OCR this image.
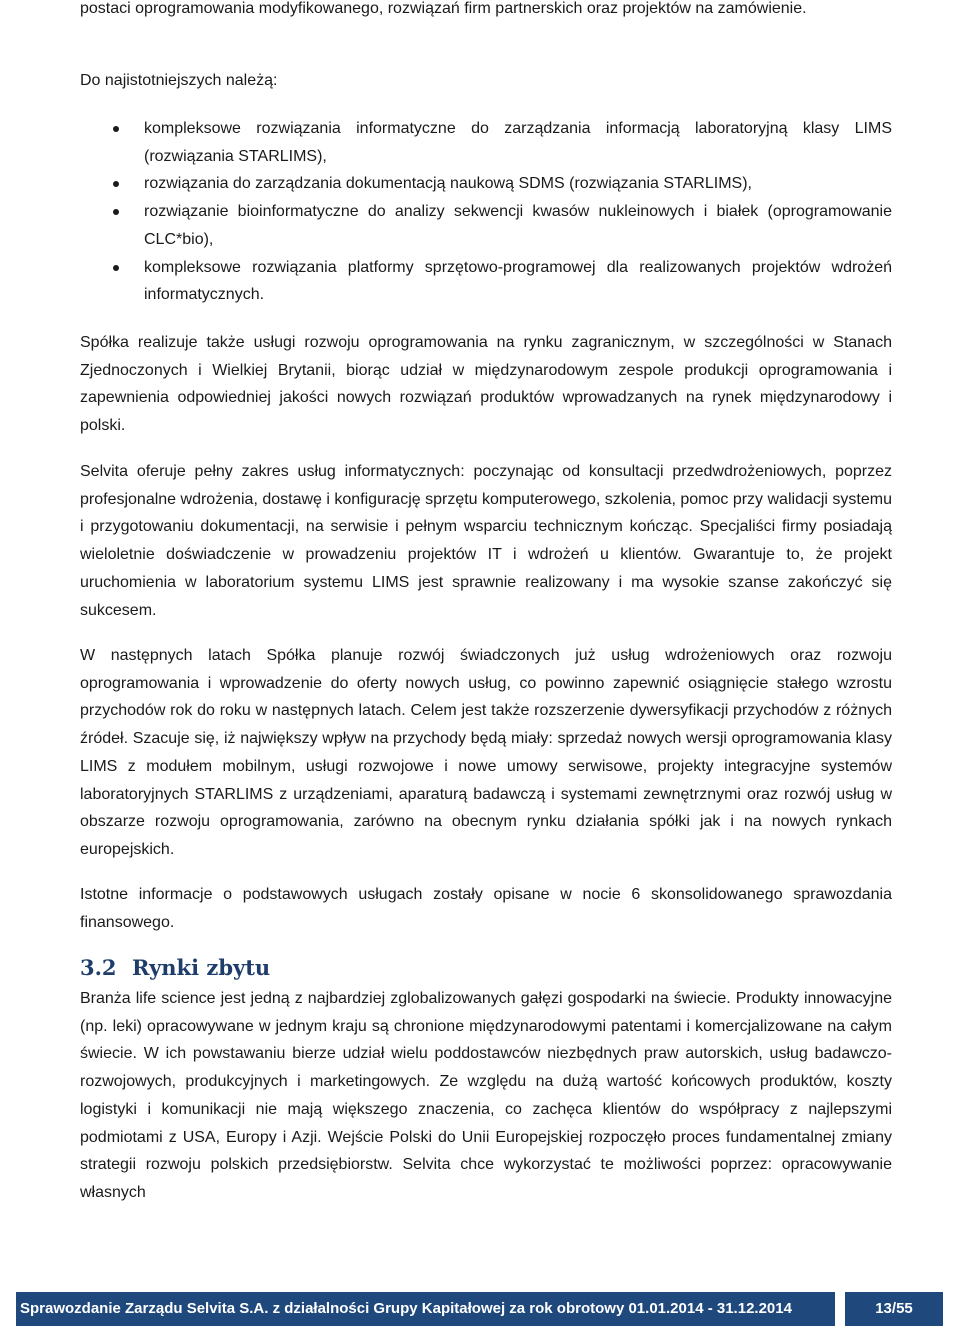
postaci oprogramowania modyfikowanego, rozwiązań firm partnerskich oraz projektów na zamówienie.

Do najistotniejszych należą:

kompleksowe rozwiązania informatyczne do zarządzania informacją laboratoryjną klasy LIMS (rozwiązania STARLIMS),
rozwiązania do zarządzania dokumentacją naukową SDMS (rozwiązania STARLIMS),
rozwiązanie bioinformatyczne do analizy sekwencji kwasów nukleinowych i białek (oprogramowanie CLC*bio),
kompleksowe rozwiązania platformy sprzętowo-programowej dla realizowanych projektów wdrożeń informatycznych.

Spółka realizuje także usługi rozwoju oprogramowania na rynku zagranicznym, w szczególności w Stanach Zjednoczonych i Wielkiej Brytanii, biorąc udział w międzynarodowym zespole produkcji oprogramowania i zapewnienia odpowiedniej jakości nowych rozwiązań produktów wprowadzanych na rynek międzynarodowy i polski.

Selvita oferuje pełny zakres usług informatycznych: poczynając od konsultacji przedwdrożeniowych, poprzez profesjonalne wdrożenia, dostawę i konfigurację sprzętu komputerowego, szkolenia, pomoc przy walidacji systemu i przygotowaniu dokumentacji, na serwisie i pełnym wsparciu technicznym kończąc. Specjaliści firmy posiadają wieloletnie doświadczenie w prowadzeniu projektów IT i wdrożeń u klientów. Gwarantuje to, że projekt uruchomienia w laboratorium systemu LIMS jest sprawnie realizowany i ma wysokie szanse zakończyć się sukcesem.

W następnych latach Spółka planuje rozwój świadczonych już usług wdrożeniowych oraz rozwoju oprogramowania i wprowadzenie do oferty nowych usług, co powinno zapewnić osiągnięcie stałego wzrostu przychodów rok do roku w następnych latach. Celem jest także rozszerzenie dywersyfikacji przychodów z różnych źródeł. Szacuje się, iż największy wpływ na przychody będą miały: sprzedaż nowych wersji oprogramowania klasy LIMS z modułem mobilnym, usługi rozwojowe i nowe umowy serwisowe, projekty integracyjne systemów laboratoryjnych STARLIMS z urządzeniami, aparaturą badawczą i systemami zewnętrznymi oraz rozwój usług w obszarze rozwoju oprogramowania, zarówno na obecnym rynku działania spółki jak i na nowych rynkach europejskich.

Istotne informacje o podstawowych usługach zostały opisane w nocie 6 skonsolidowanego sprawozdania finansowego.

3.2 Rynki zbytu

Branża life science jest jedną z najbardziej zglobalizowanych gałęzi gospodarki na świecie. Produkty innowacyjne (np. leki) opracowywane w jednym kraju są chronione międzynarodowymi patentami i komercjalizowane na całym świecie. W ich powstawaniu bierze udział wielu poddostawców niezbędnych praw autorskich, usług badawczo-rozwojowych, produkcyjnych i marketingowych. Ze względu na dużą wartość końcowych produktów, koszty logistyki i komunikacji nie mają większego znaczenia, co zachęca klientów do współpracy z najlepszymi podmiotami z USA, Europy i Azji. Wejście Polski do Unii Europejskiej rozpoczęło proces fundamentalnej zmiany strategii rozwoju polskich przedsiębiorstw. Selvita chce wykorzystać te możliwości poprzez: opracowywanie własnych

Sprawozdanie Zarządu Selvita S.A. z działalności Grupy Kapitałowej za rok obrotowy 01.01.2014 - 31.12.2014	13/55
